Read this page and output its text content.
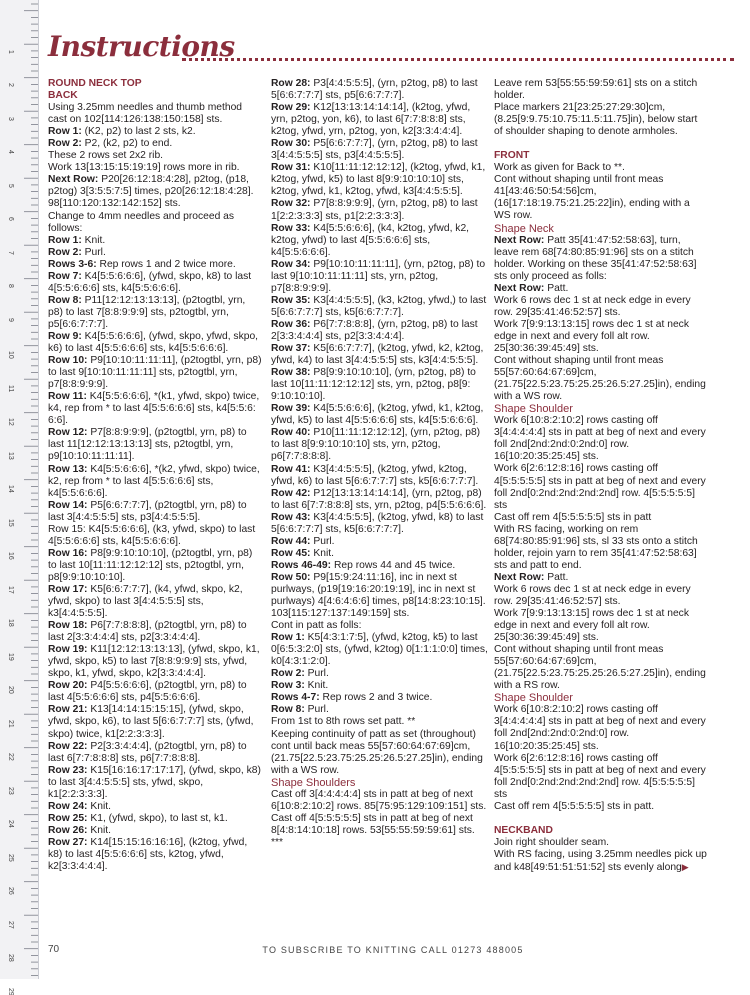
1
2
3
4
5
6
7
8
9
10
11
12
13
14
15
16
17
18
19
20
21
22
23
24
25
26
27
28
29
Instructions

ROUND NECK TOP

BACK

Using 3.25mm needles and thumb method cast on 102[114:126:138:150:158] sts.

Row 1: (K2, p2) to last 2 sts, k2.

Row 2: P2, (k2, p2) to end.

These 2 rows set 2x2 rib.

Work 13[13:15:15:19:19] rows more in rib.

Next Row: P20[26:12:18:4:28], p2tog, (p18, p2tog) 3[3:5:5:7:5] times, p20[26:12:18:4:28].

98[110:120:132:142:152] sts.

Change to 4mm needles and proceed as follows:

Row 1: Knit.

Row 2: Purl.

Rows 3-6: Rep rows 1 and 2 twice more.

Row 7: K4[5:5:6:6:6], (yfwd, skpo, k8) to last 4[5:5:6:6:6] sts, k4[5:5:6:6:6].

Row 8: P11[12:12:13:13:13], (p2togtbl, yrn, p8) to last 7[8:8:9:9:9] sts, p2togtbl, yrn, p5[6:6:7:7:7].

Row 9: K4[5:5:6:6:6], (yfwd, skpo, yfwd, skpo, k6) to last 4[5:5:6:6:6] sts, k4[5:5:6:6:6].

Row 10: P9[10:10:11:11:11], (p2togtbl, yrn, p8) to last 9[10:10:11:11:11] sts, p2togtbl, yrn, p7[8:8:9:9:9].

Row 11: K4[5:5:6:6:6], *(k1, yfwd, skpo) twice, k4, rep from * to last 4[5:5:6:6:6] sts, k4[5:5:6: 6:6].

Row 12: P7[8:8:9:9:9], (p2togtbl, yrn, p8) to last 11[12:12:13:13:13] sts, p2togtbl, yrn, p9[10:10:11:11:11].

Row 13: K4[5:5:6:6:6], *(k2, yfwd, skpo) twice, k2, rep from * to last 4[5:5:6:6:6] sts, k4[5:5:6:6:6].

Row 14: P5[6:6:7:7:7], (p2togtbl, yrn, p8) to last 3[4:4:5:5:5] sts, p3[4:4:5:5:5].

Row 15: K4[5:5:6:6:6], (k3, yfwd, skpo) to last 4[5:5:6:6:6] sts, k4[5:5:6:6:6].

Row 16: P8[9:9:10:10:10], (p2togtbl, yrn, p8) to last 10[11:11:12:12:12] sts, p2togtbl, yrn, p8[9:9:10:10:10].

Row 17: K5[6:6:7:7:7], (k4, yfwd, skpo, k2, yfwd, skpo) to last 3[4:4:5:5:5] sts, k3[4:4:5:5:5].

Row 18: P6[7:7:8:8:8], (p2togtbl, yrn, p8) to last 2[3:3:4:4:4] sts, p2[3:3:4:4:4].

Row 19: K11[12:12:13:13:13], (yfwd, skpo, k1, yfwd, skpo, k5) to last 7[8:8:9:9:9] sts, yfwd, skpo, k1, yfwd, skpo, k2[3:3:4:4:4].

Row 20: P4[5:5:6:6:6], (p2togtbl, yrn, p8) to last 4[5:5:6:6:6] sts, p4[5:5:6:6:6].

Row 21: K13[14:14:15:15:15], (yfwd, skpo, yfwd, skpo, k6), to last 5[6:6:7:7:7] sts, (yfwd, skpo) twice, k1[2:2:3:3:3].

Row 22: P2[3:3:4:4:4], (p2togtbl, yrn, p8) to last 6[7:7:8:8:8] sts, p6[7:7:8:8:8].

Row 23: K15[16:16:17:17:17], (yfwd, skpo, k8) to last 3[4:4:5:5:5] sts, yfwd, skpo, k1[2:2:3:3:3].

Row 24: Knit.

Row 25: K1, (yfwd, skpo), to last st, k1.

Row 26: Knit.

Row 27: K14[15:15:16:16:16], (k2tog, yfwd, k8) to last 4[5:5:6:6:6] sts, k2tog, yfwd, k2[3:3:4:4:4].

Row 28: P3[4:4:5:5:5], (yrn, p2tog, p8) to last 5[6:6:7:7:7] sts, p5[6:6:7:7:7].

Row 29: K12[13:13:14:14:14], (k2tog, yfwd, yrn, p2tog, yon, k6), to last 6[7:7:8:8:8] sts, k2tog, yfwd, yrn, p2tog, yon, k2[3:3:4:4:4].

Row 30: P5[6:6:7:7:7], (yrn, p2tog, p8) to last 3[4:4:5:5:5] sts, p3[4:4:5:5:5].

Row 31: K10[11:11:12:12:12], (k2tog, yfwd, k1, k2tog, yfwd, k5) to last 8[9:9:10:10:10] sts, k2tog, yfwd, k1, k2tog, yfwd, k3[4:4:5:5:5].

Row 32: P7[8:8:9:9:9], (yrn, p2tog, p8) to last 1[2:2:3:3:3] sts, p1[2:2:3:3:3].

Row 33: K4[5:5:6:6:6], (k4, k2tog, yfwd, k2, k2tog, yfwd) to last 4[5:5:6:6:6] sts, k4[5:5:6:6:6].

Row 34: P9[10:10:11:11:11], (yrn, p2tog, p8) to last 9[10:10:11:11:11] sts, yrn, p2tog, p7[8:8:9:9:9].

Row 35: K3[4:4:5:5:5], (k3, k2tog, yfwd,) to last 5[6:6:7:7:7] sts, k5[6:6:7:7:7].

Row 36: P6[7:7:8:8:8], (yrn, p2tog, p8) to last 2[3:3:4:4:4] sts, p2[3:3:4:4:4].

Row 37: K5[6:6:7:7:7], (k2tog, yfwd, k2, k2tog, yfwd, k4) to last 3[4:4:5:5:5] sts, k3[4:4:5:5:5].

Row 38: P8[9:9:10:10:10], (yrn, p2tog, p8) to last 10[11:11:12:12:12] sts, yrn, p2tog, p8[9: 9:10:10:10].

Row 39: K4[5:5:6:6:6], (k2tog, yfwd, k1, k2tog, yfwd, k5) to last 4[5:5:6:6:6] sts, k4[5:5:6:6:6].

Row 40: P10[11:11:12:12:12], (yrn, p2tog, p8) to last 8[9:9:10:10:10] sts, yrn, p2tog, p6[7:7:8:8:8].

Row 41: K3[4:4:5:5:5], (k2tog, yfwd, k2tog, yfwd, k6) to last 5[6:6:7:7:7] sts, k5[6:6:7:7:7].

Row 42: P12[13:13:14:14:14], (yrn, p2tog, p8) to last 6[7:7:8:8:8] sts, yrn, p2tog, p4[5:5:6:6:6].

Row 43: K3[4:4:5:5:5], (k2tog, yfwd, k8) to last 5[6:6:7:7:7] sts, k5[6:6:7:7:7].

Row 44: Purl.

Row 45: Knit.

Rows 46-49: Rep rows 44 and 45 twice.

Row 50: P9[15:9:24:11:16], inc in next st purlways, (p19[19:16:20:19:19], inc in next st purlways) 4[4:6:4:6:6] times, p8[14:8:23:10:15]. 103[115:127:137:149:159] sts.

Cont in patt as folls:

Row 1: K5[4:3:1:7:5], (yfwd, k2tog, k5) to last 0[6:5:3:2:0] sts, (yfwd, k2tog) 0[1:1:1:0:0] times, k0[4:3:1:2:0].

Row 2: Purl.

Row 3: Knit.

Rows 4-7: Rep rows 2 and 3 twice.

Row 8: Purl.

From 1st to 8th rows set patt. **

Keeping continuity of patt as set (throughout) cont until back meas 55[57:60:64:67:69]cm, (21.75[22.5:23.75:25.25:26.5:27.25]in), ending with a WS row.

Shape Shoulders

Cast off 3[4:4:4:4:4] sts in patt at beg of next 6[10:8:2:10:2] rows. 85[75:95:129:109:151] sts. Cast off 4[5:5:5:5:5] sts in patt at beg of next 8[4:8:14:10:18] rows. 53[55:55:59:59:61] sts.

***

Leave rem 53[55:55:59:59:61] sts on a stitch holder.

Place markers 21[23:25:27:29:30]cm, (8.25[9:9.75:10.75:11.5:11.75]in), below start of shoulder shaping to denote armholes.

FRONT

Work as given for Back to **.

Cont without shaping until front meas 41[43:46:50:54:56]cm, (16[17:18:19.75:21.25:22]in), ending with a WS row.

Shape Neck

Next Row: Patt 35[41:47:52:58:63], turn, leave rem 68[74:80:85:91:96] sts on a stitch holder. Working on these 35[41:47:52:58:63] sts only proceed as folls:

Next Row: Patt.

Work 6 rows dec 1 st at neck edge in every row. 29[35:41:46:52:57] sts.

Work 7[9:9:13:13:15] rows dec 1 st at neck edge in next and every foll alt row. 25[30:36:39:45:49] sts.

Cont without shaping until front meas 55[57:60:64:67:69]cm, (21.75[22.5:23.75:25.25:26.5:27.25]in), ending with a WS row.

Shape Shoulder

Work 6[10:8:2:10:2] rows casting off 3[4:4:4:4:4] sts in patt at beg of next and every foll 2nd[2nd:2nd:0:2nd:0] row. 16[10:20:35:25:45] sts.

Work 6[2:6:12:8:16] rows casting off 4[5:5:5:5:5] sts in patt at beg of next and every foll 2nd[0:2nd:2nd:2nd:2nd] row. 4[5:5:5:5:5] sts

Cast off rem 4[5:5:5:5:5] sts in patt

With RS facing, working on rem 68[74:80:85:91:96] sts, sl 33 sts onto a stitch holder, rejoin yarn to rem 35[41:47:52:58:63] sts and patt to end.

Next Row: Patt.

Work 6 rows dec 1 st at neck edge in every row. 29[35:41:46:52:57] sts.

Work 7[9:9:13:13:15] rows dec 1 st at neck edge in next and every foll alt row. 25[30:36:39:45:49] sts.

Cont without shaping until front meas 55[57:60:64:67:69]cm, (21.75[22.5:23.75:25.25:26.5:27.25]in), ending with a RS row.

Shape Shoulder

Work 6[10:8:2:10:2] rows casting off 3[4:4:4:4:4] sts in patt at beg of next and every foll 2nd[2nd:2nd:0:2nd:0] row. 16[10:20:35:25:45] sts.

Work 6[2:6:12:8:16] rows casting off 4[5:5:5:5:5] sts in patt at beg of next and every foll 2nd[0:2nd:2nd:2nd:2nd] row. 4[5:5:5:5:5] sts

Cast off rem 4[5:5:5:5:5] sts in patt.

NECKBAND

Join right shoulder seam.

With RS facing, using 3.25mm needles pick up and k48[49:51:51:51:52] sts evenly along▶

70	TO SUBSCRIBE TO KNITTING CALL 01273 488005
